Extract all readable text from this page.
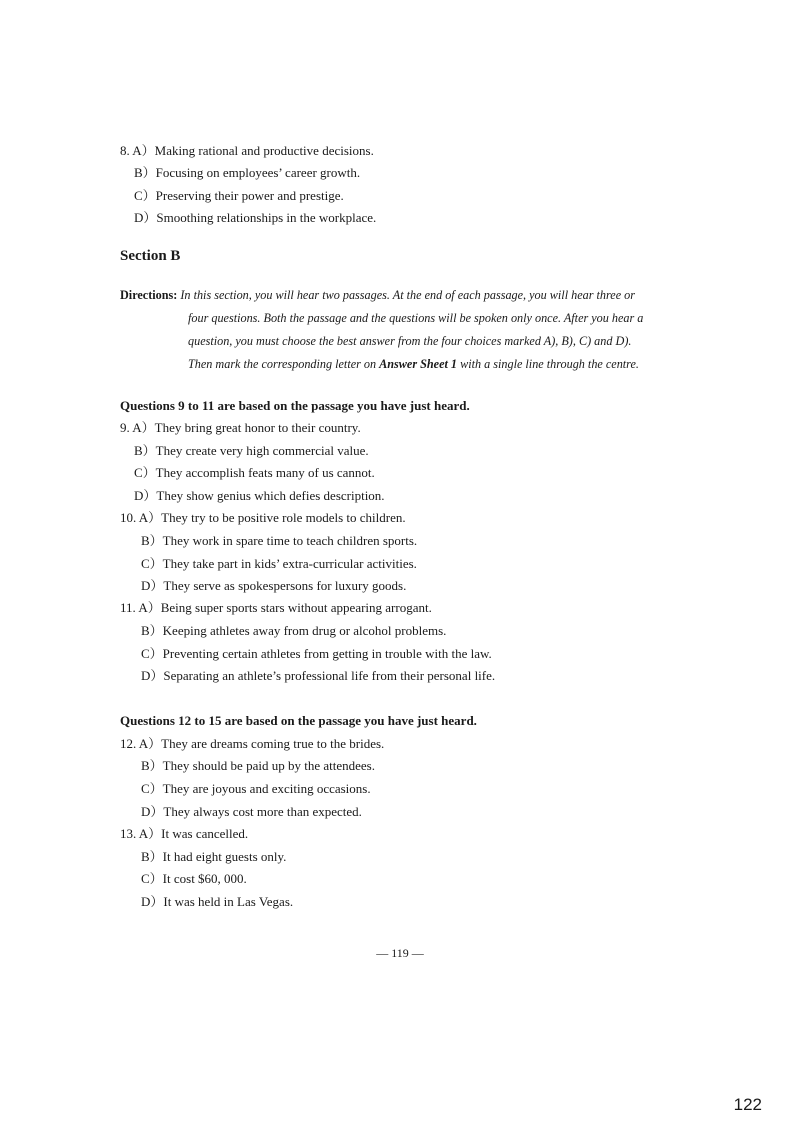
8. A）Making rational and productive decisions.
B）Focusing on employees’ career growth.
C）Preserving their power and prestige.
D）Smoothing relationships in the workplace.
Section B
Directions: In this section, you will hear two passages. At the end of each passage, you will hear three or
four questions. Both the passage and the questions will be spoken only once. After you hear a
question, you must choose the best answer from the four choices marked A), B), C) and D).
Then mark the corresponding letter on Answer Sheet 1 with a single line through the centre.
Questions 9 to 11 are based on the passage you have just heard.
9. A）They bring great honor to their country.
B）They create very high commercial value.
C）They accomplish feats many of us cannot.
D）They show genius which defies description.
10. A）They try to be positive role models to children.
B）They work in spare time to teach children sports.
C）They take part in kids’ extra-curricular activities.
D）They serve as spokespersons for luxury goods.
11. A）Being super sports stars without appearing arrogant.
B）Keeping athletes away from drug or alcohol problems.
C）Preventing certain athletes from getting in trouble with the law.
D）Separating an athlete’s professional life from their personal life.
Questions 12 to 15 are based on the passage you have just heard.
12. A）They are dreams coming true to the brides.
B）They should be paid up by the attendees.
C）They are joyous and exciting occasions.
D）They always cost more than expected.
13. A）It was cancelled.
B）It had eight guests only.
C）It cost $60, 000.
D）It was held in Las Vegas.
— 119 —
122
